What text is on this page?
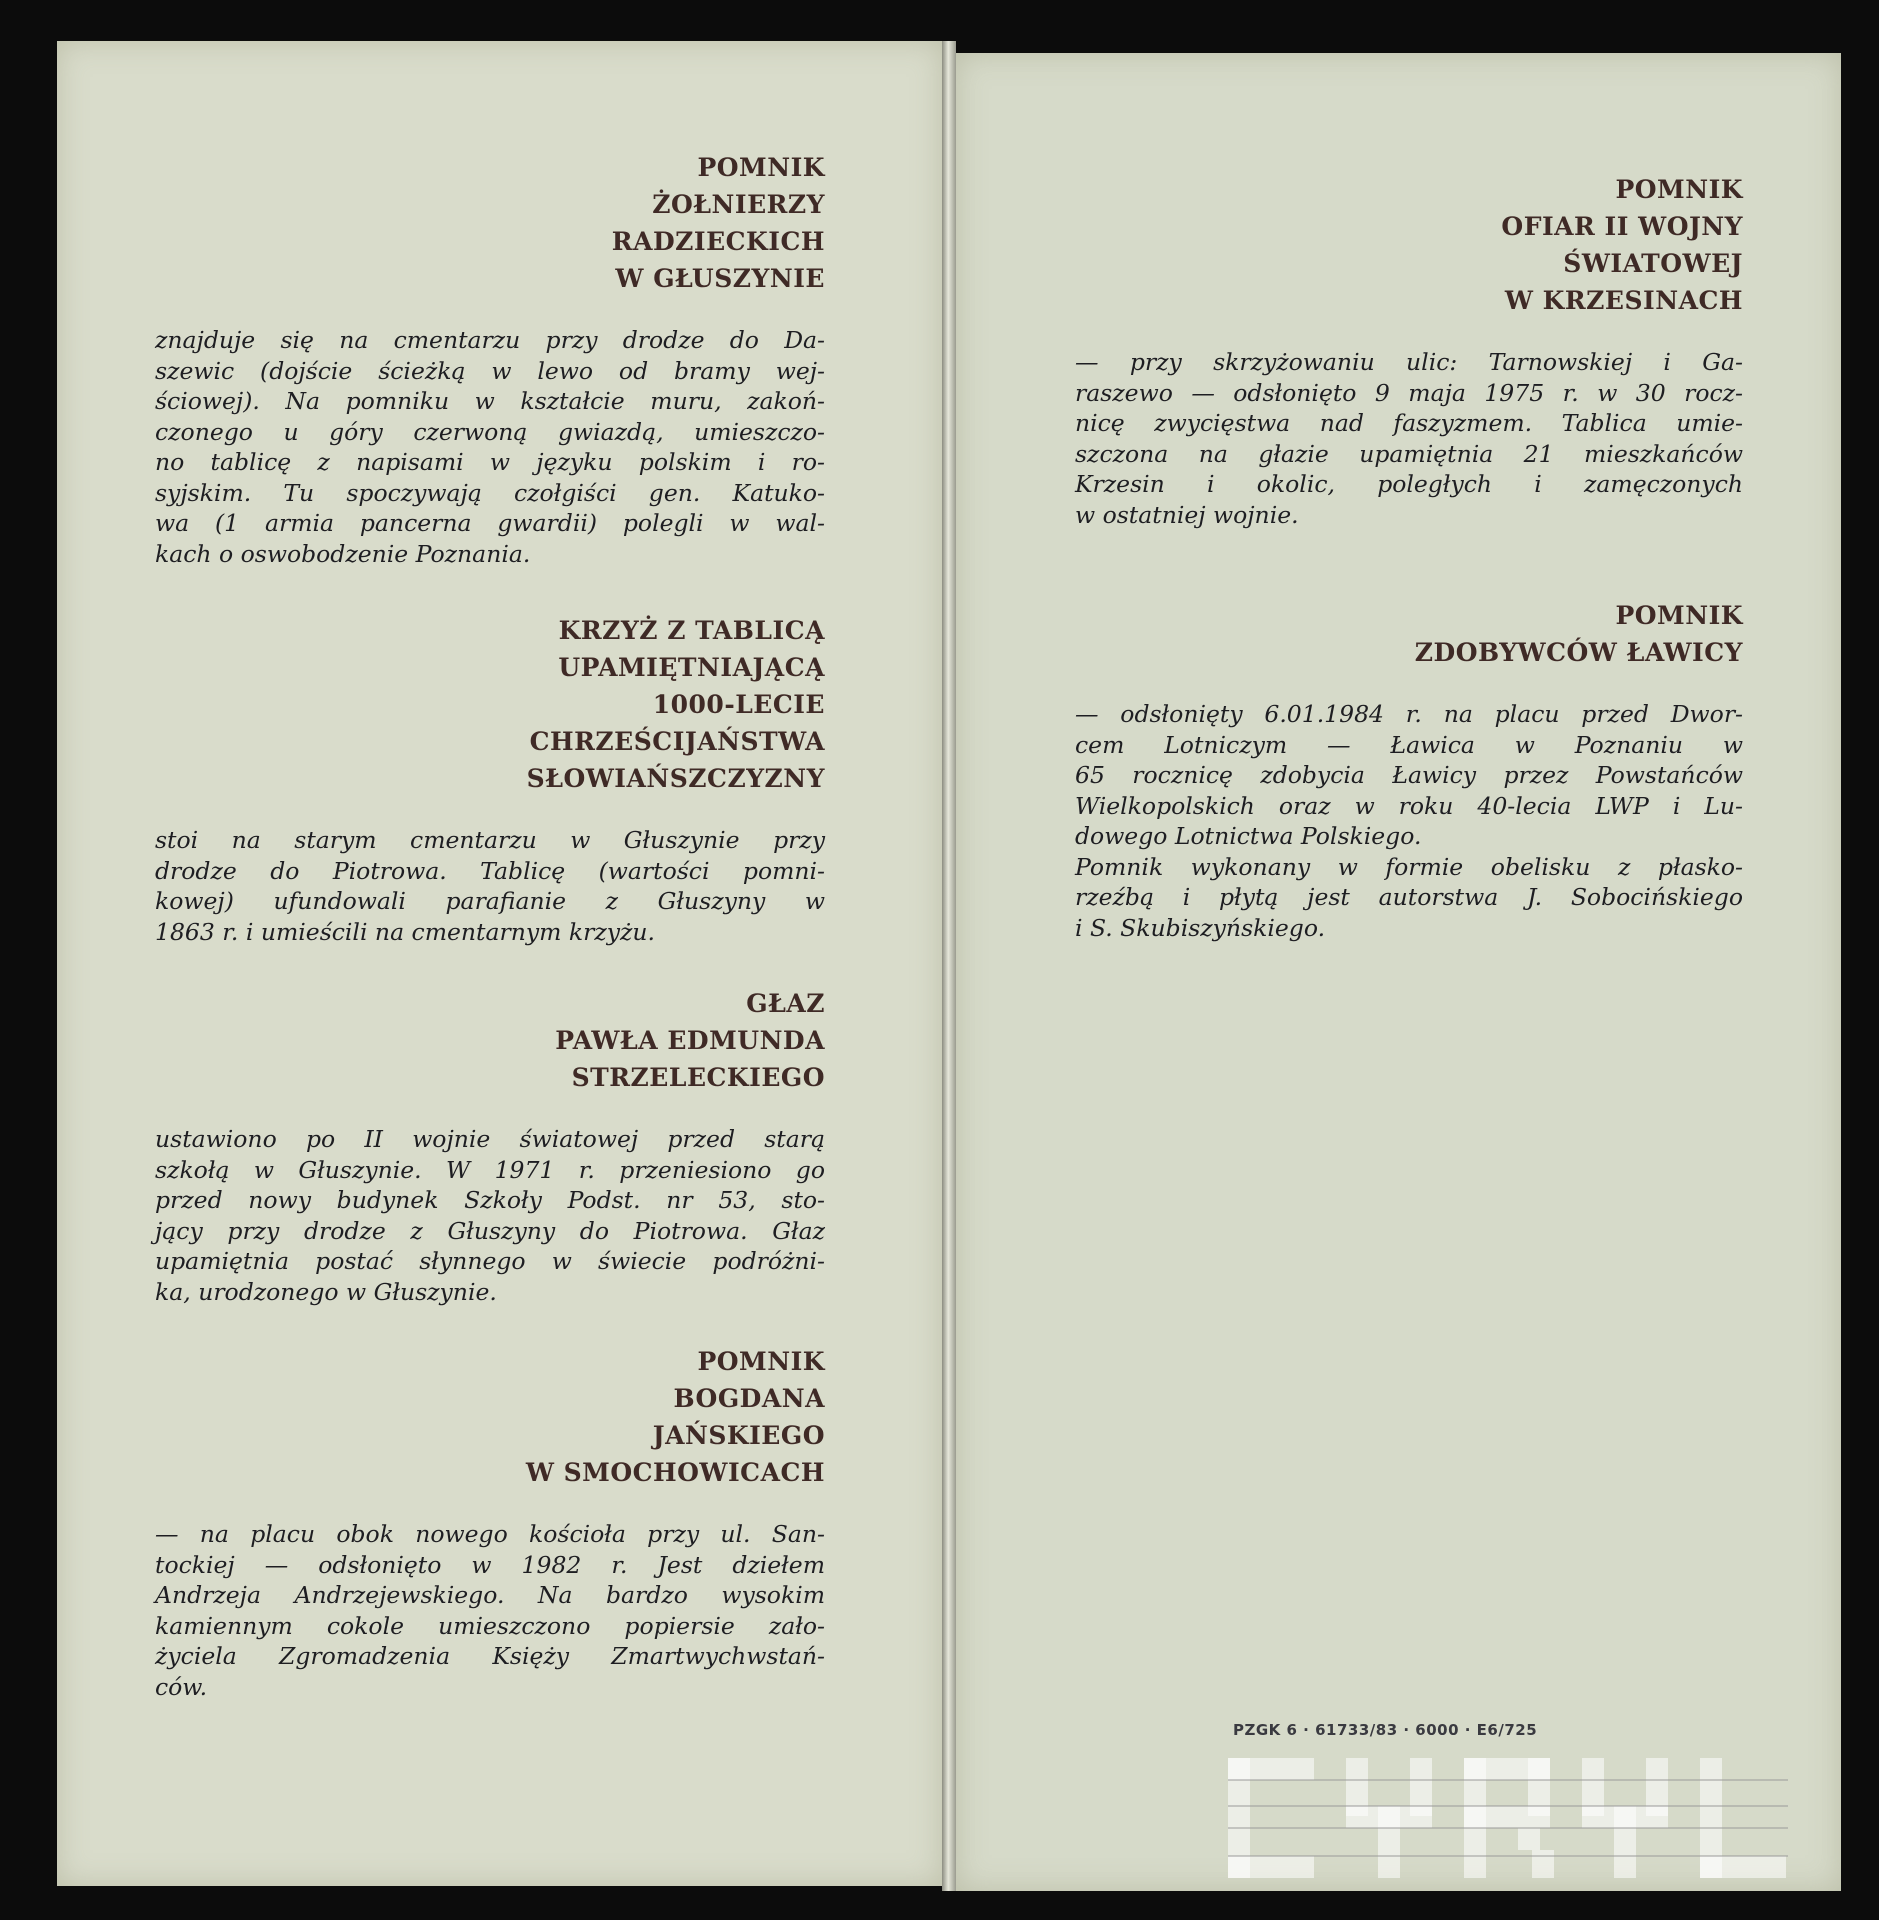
POMNIK
ŻOŁNIERZY
RADZIECKICH
W GŁUSZYNIE
znajduje się na cmentarzu przy drodze do Da-
szewic (dojście ścieżką w lewo od bramy wej-
ściowej). Na pomniku w kształcie muru, zakoń-
czonego u góry czerwoną gwiazdą, umieszczo-
no tablicę z napisami w języku polskim i ro-
syjskim. Tu spoczywają czołgiści gen. Katuko-
wa (1 armia pancerna gwardii) polegli w wal-
kach o oswobodzenie Poznania.
KRZYŻ Z TABLICĄ
UPAMIĘTNIAJĄCĄ
1000-LECIE
CHRZEŚCIJAŃSTWA
SŁOWIAŃSZCZYZNY
stoi na starym cmentarzu w Głuszynie przy
drodze do Piotrowa. Tablicę (wartości pomni-
kowej) ufundowali parafianie z Głuszyny w
1863 r. i umieścili na cmentarnym krzyżu.
GŁAZ
PAWŁA EDMUNDA
STRZELECKIEGO
ustawiono po II wojnie światowej przed starą
szkołą w Głuszynie. W 1971 r. przeniesiono go
przed nowy budynek Szkoły Podst. nr 53, sto-
jący przy drodze z Głuszyny do Piotrowa. Głaz
upamiętnia postać słynnego w świecie podróżni-
ka, urodzonego w Głuszynie.
POMNIK
BOGDANA
JAŃSKIEGO
W SMOCHOWICACH
— na placu obok nowego kościoła przy ul. San-
tockiej — odsłonięto w 1982 r. Jest dziełem
Andrzeja Andrzejewskiego. Na bardzo wysokim
kamiennym cokole umieszczono popiersie zało-
życiela Zgromadzenia Księży Zmartwychwstań-
ców.
POMNIK
OFIAR II WOJNY
ŚWIATOWEJ
W KRZESINACH
— przy skrzyżowaniu ulic: Tarnowskiej i Ga-
raszewo — odsłonięto 9 maja 1975 r. w 30 rocz-
nicę zwycięstwa nad faszyzmem. Tablica umie-
szczona na głazie upamiętnia 21 mieszkańców
Krzesin i okolic, poległych i zamęczonych
w ostatniej wojnie.
POMNIK
ZDOBYWCÓW ŁAWICY
— odsłonięty 6.01.1984 r. na placu przed Dwor-
cem Lotniczym — Ławica w Poznaniu w
65 rocznicę zdobycia Ławicy przez Powstańców
Wielkopolskich oraz w roku 40-lecia LWP i Lu-
dowego Lotnictwa Polskiego.
Pomnik wykonany w formie obelisku z płasko-
rzeźbą i płytą jest autorstwa J. Sobocińskiego
i S. Skubiszyńskiego.
PZGK 6 · 61733/83 · 6000 · E6/725
